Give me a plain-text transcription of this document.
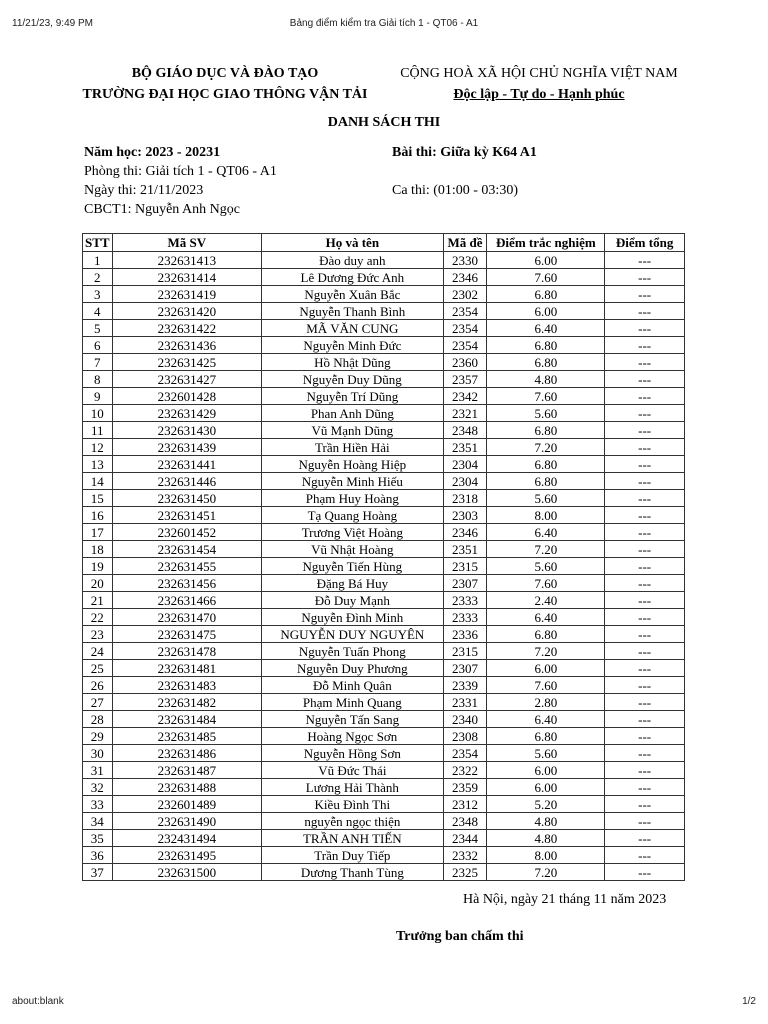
Bảng điểm kiểm tra Giải tích 1 - QT06 - A1
11/21/23, 9:49 PM
BỘ GIÁO DỤC VÀ ĐÀO TẠO
TRƯỜNG ĐẠI HỌC GIAO THÔNG VẬN TẢI
CỘNG HOÀ XÃ HỘI CHỦ NGHĨA VIỆT NAM
Độc lập - Tự do - Hạnh phúc
DANH SÁCH THI
Năm học: 2023 - 20231
Phòng thi: Giải tích 1 - QT06 - A1
Ngày thi: 21/11/2023
CBCT1: Nguyễn Anh Ngọc
Bài thi: Giữa kỳ K64 A1

Ca thi: (01:00 - 03:30)
STT	Mã SV	Họ và tên	Mã đề	Điểm trắc nghiệm	Điểm tổng
1	232631413	Đào duy anh	2330	6.00	---
2	232631414	Lê Dương Đức Anh	2346	7.60	---
3	232631419	Nguyễn Xuân Bắc	2302	6.80	---
4	232631420	Nguyễn Thanh Bình	2354	6.00	---
5	232631422	MÃ VĂN CUNG	2354	6.40	---
6	232631436	Nguyễn Minh Đức	2354	6.80	---
7	232631425	Hồ Nhật Dũng	2360	6.80	---
8	232631427	Nguyễn Duy Dũng	2357	4.80	---
9	232601428	Nguyễn Trí Dũng	2342	7.60	---
10	232631429	Phan Anh Dũng	2321	5.60	---
11	232631430	Vũ Mạnh Dũng	2348	6.80	---
12	232631439	Trần Hiền Hải	2351	7.20	---
13	232631441	Nguyễn Hoàng Hiệp	2304	6.80	---
14	232631446	Nguyễn Minh Hiếu	2304	6.80	---
15	232631450	Phạm Huy Hoàng	2318	5.60	---
16	232631451	Tạ Quang Hoàng	2303	8.00	---
17	232601452	Trương Việt Hoàng	2346	6.40	---
18	232631454	Vũ Nhật Hoàng	2351	7.20	---
19	232631455	Nguyễn Tiến Hùng	2315	5.60	---
20	232631456	Đặng Bá Huy	2307	7.60	---
21	232631466	Đỗ Duy Mạnh	2333	2.40	---
22	232631470	Nguyễn Đình Minh	2333	6.40	---
23	232631475	NGUYỄN DUY NGUYÊN	2336	6.80	---
24	232631478	Nguyễn Tuấn Phong	2315	7.20	---
25	232631481	Nguyễn Duy Phương	2307	6.00	---
26	232631483	Đỗ Minh Quân	2339	7.60	---
27	232631482	Phạm Minh Quang	2331	2.80	---
28	232631484	Nguyễn Tấn Sang	2340	6.40	---
29	232631485	Hoàng Ngọc Sơn	2308	6.80	---
30	232631486	Nguyễn Hồng Sơn	2354	5.60	---
31	232631487	Vũ Đức Thái	2322	6.00	---
32	232631488	Lương Hải Thành	2359	6.00	---
33	232601489	Kiều Đình Thi	2312	5.20	---
34	232631490	nguyễn ngọc thiện	2348	4.80	---
35	232431494	TRẦN ANH TIẾN	2344	4.80	---
36	232631495	Trần Duy Tiếp	2332	8.00	---
37	232631500	Dương Thanh Tùng	2325	7.20	---
Hà Nội, ngày 21 tháng 11 năm 2023
Trưởng ban chấm thi
about:blank	1/2
